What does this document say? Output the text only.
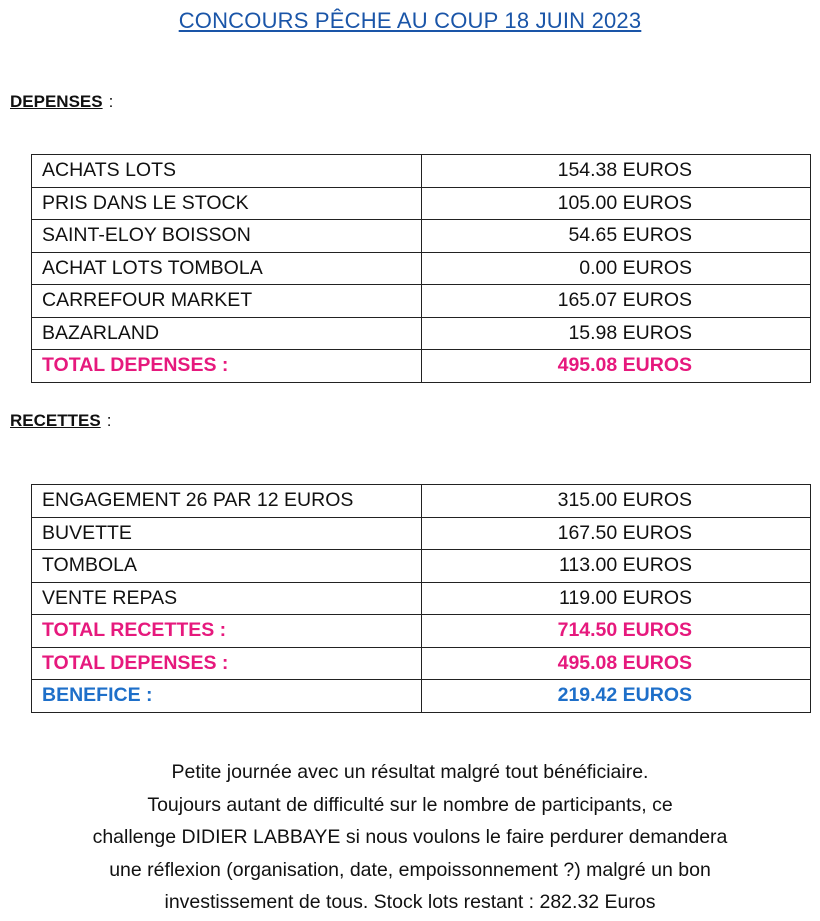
CONCOURS PÊCHE AU COUP 18 JUIN 2023
DEPENSES :
ACHATS LOTS	154.38 EUROS
PRIS DANS LE STOCK	105.00 EUROS
SAINT-ELOY BOISSON	54.65 EUROS
ACHAT LOTS TOMBOLA	0.00 EUROS
CARREFOUR MARKET	165.07 EUROS
BAZARLAND	15.98 EUROS
TOTAL DEPENSES :	495.08 EUROS
RECETTES :
ENGAGEMENT 26 PAR 12 EUROS	315.00 EUROS
BUVETTE	167.50 EUROS
TOMBOLA	113.00 EUROS
VENTE REPAS	119.00 EUROS
TOTAL RECETTES :	714.50 EUROS
TOTAL DEPENSES :	495.08 EUROS
BENEFICE :	219.42 EUROS
Petite journée avec un résultat malgré tout bénéficiaire.
Toujours autant de difficulté sur le nombre de participants, ce
challenge DIDIER LABBAYE si nous voulons le faire perdurer demandera
une réflexion (organisation, date, empoissonnement ?) malgré un bon
investissement de tous. Stock lots restant : 282.32 Euros
